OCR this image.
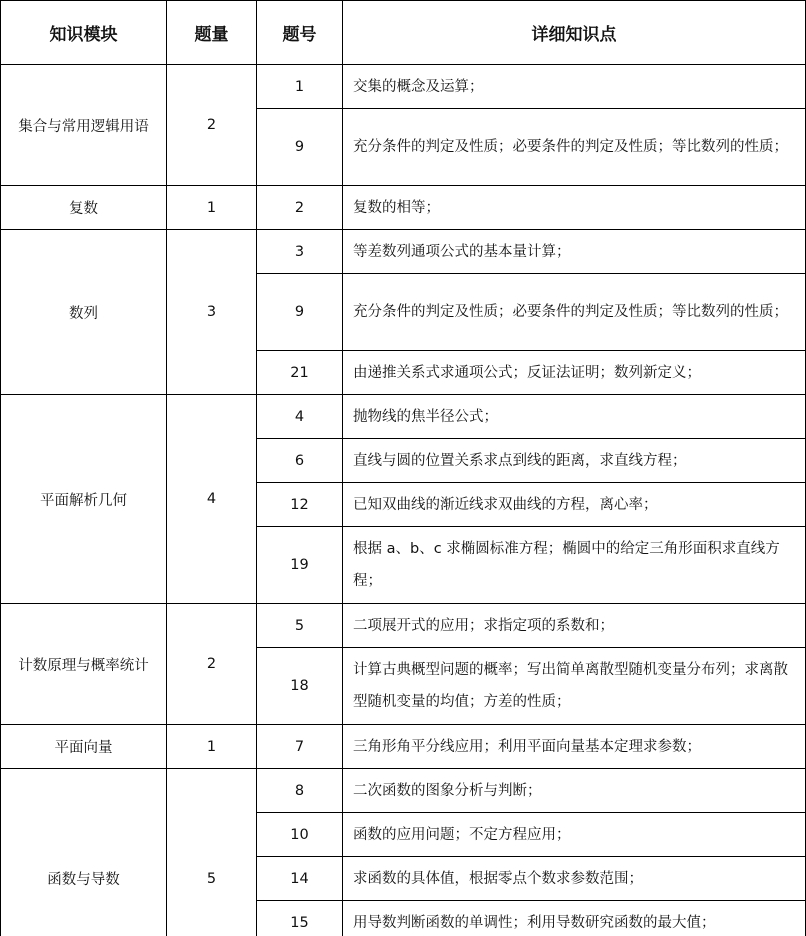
知识模块	题量	题号	详细知识点
集合与常用逻辑用语	2	1	交集的概念及运算；
		9	充分条件的判定及性质；必要条件的判定及性质；等比数列的性质；
复数	1	2	复数的相等；
数列	3	3	等差数列通项公式的基本量计算；
		9	充分条件的判定及性质；必要条件的判定及性质；等比数列的性质；
		21	由递推关系式求通项公式；反证法证明；数列新定义；
平面解析几何	4	4	抛物线的焦半径公式；
		6	直线与圆的位置关系求点到线的距离，求直线方程；
		12	已知双曲线的渐近线求双曲线的方程，离心率；
		19	根据 a、b、c 求椭圆标准方程；椭圆中的给定三角形面积求直线方程；
计数原理与概率统计	2	5	二项展开式的应用；求指定项的系数和；
		18	计算古典概型问题的概率；写出简单离散型随机变量分布列；求离散型随机变量的均值；方差的性质；
平面向量	1	7	三角形角平分线应用；利用平面向量基本定理求参数；
函数与导数	5	8	二次函数的图象分析与判断；
		10	函数的应用问题；不定方程应用；
		14	求函数的具体值，根据零点个数求参数范围；
		15	用导数判断函数的单调性；利用导数研究函数的最大值；
